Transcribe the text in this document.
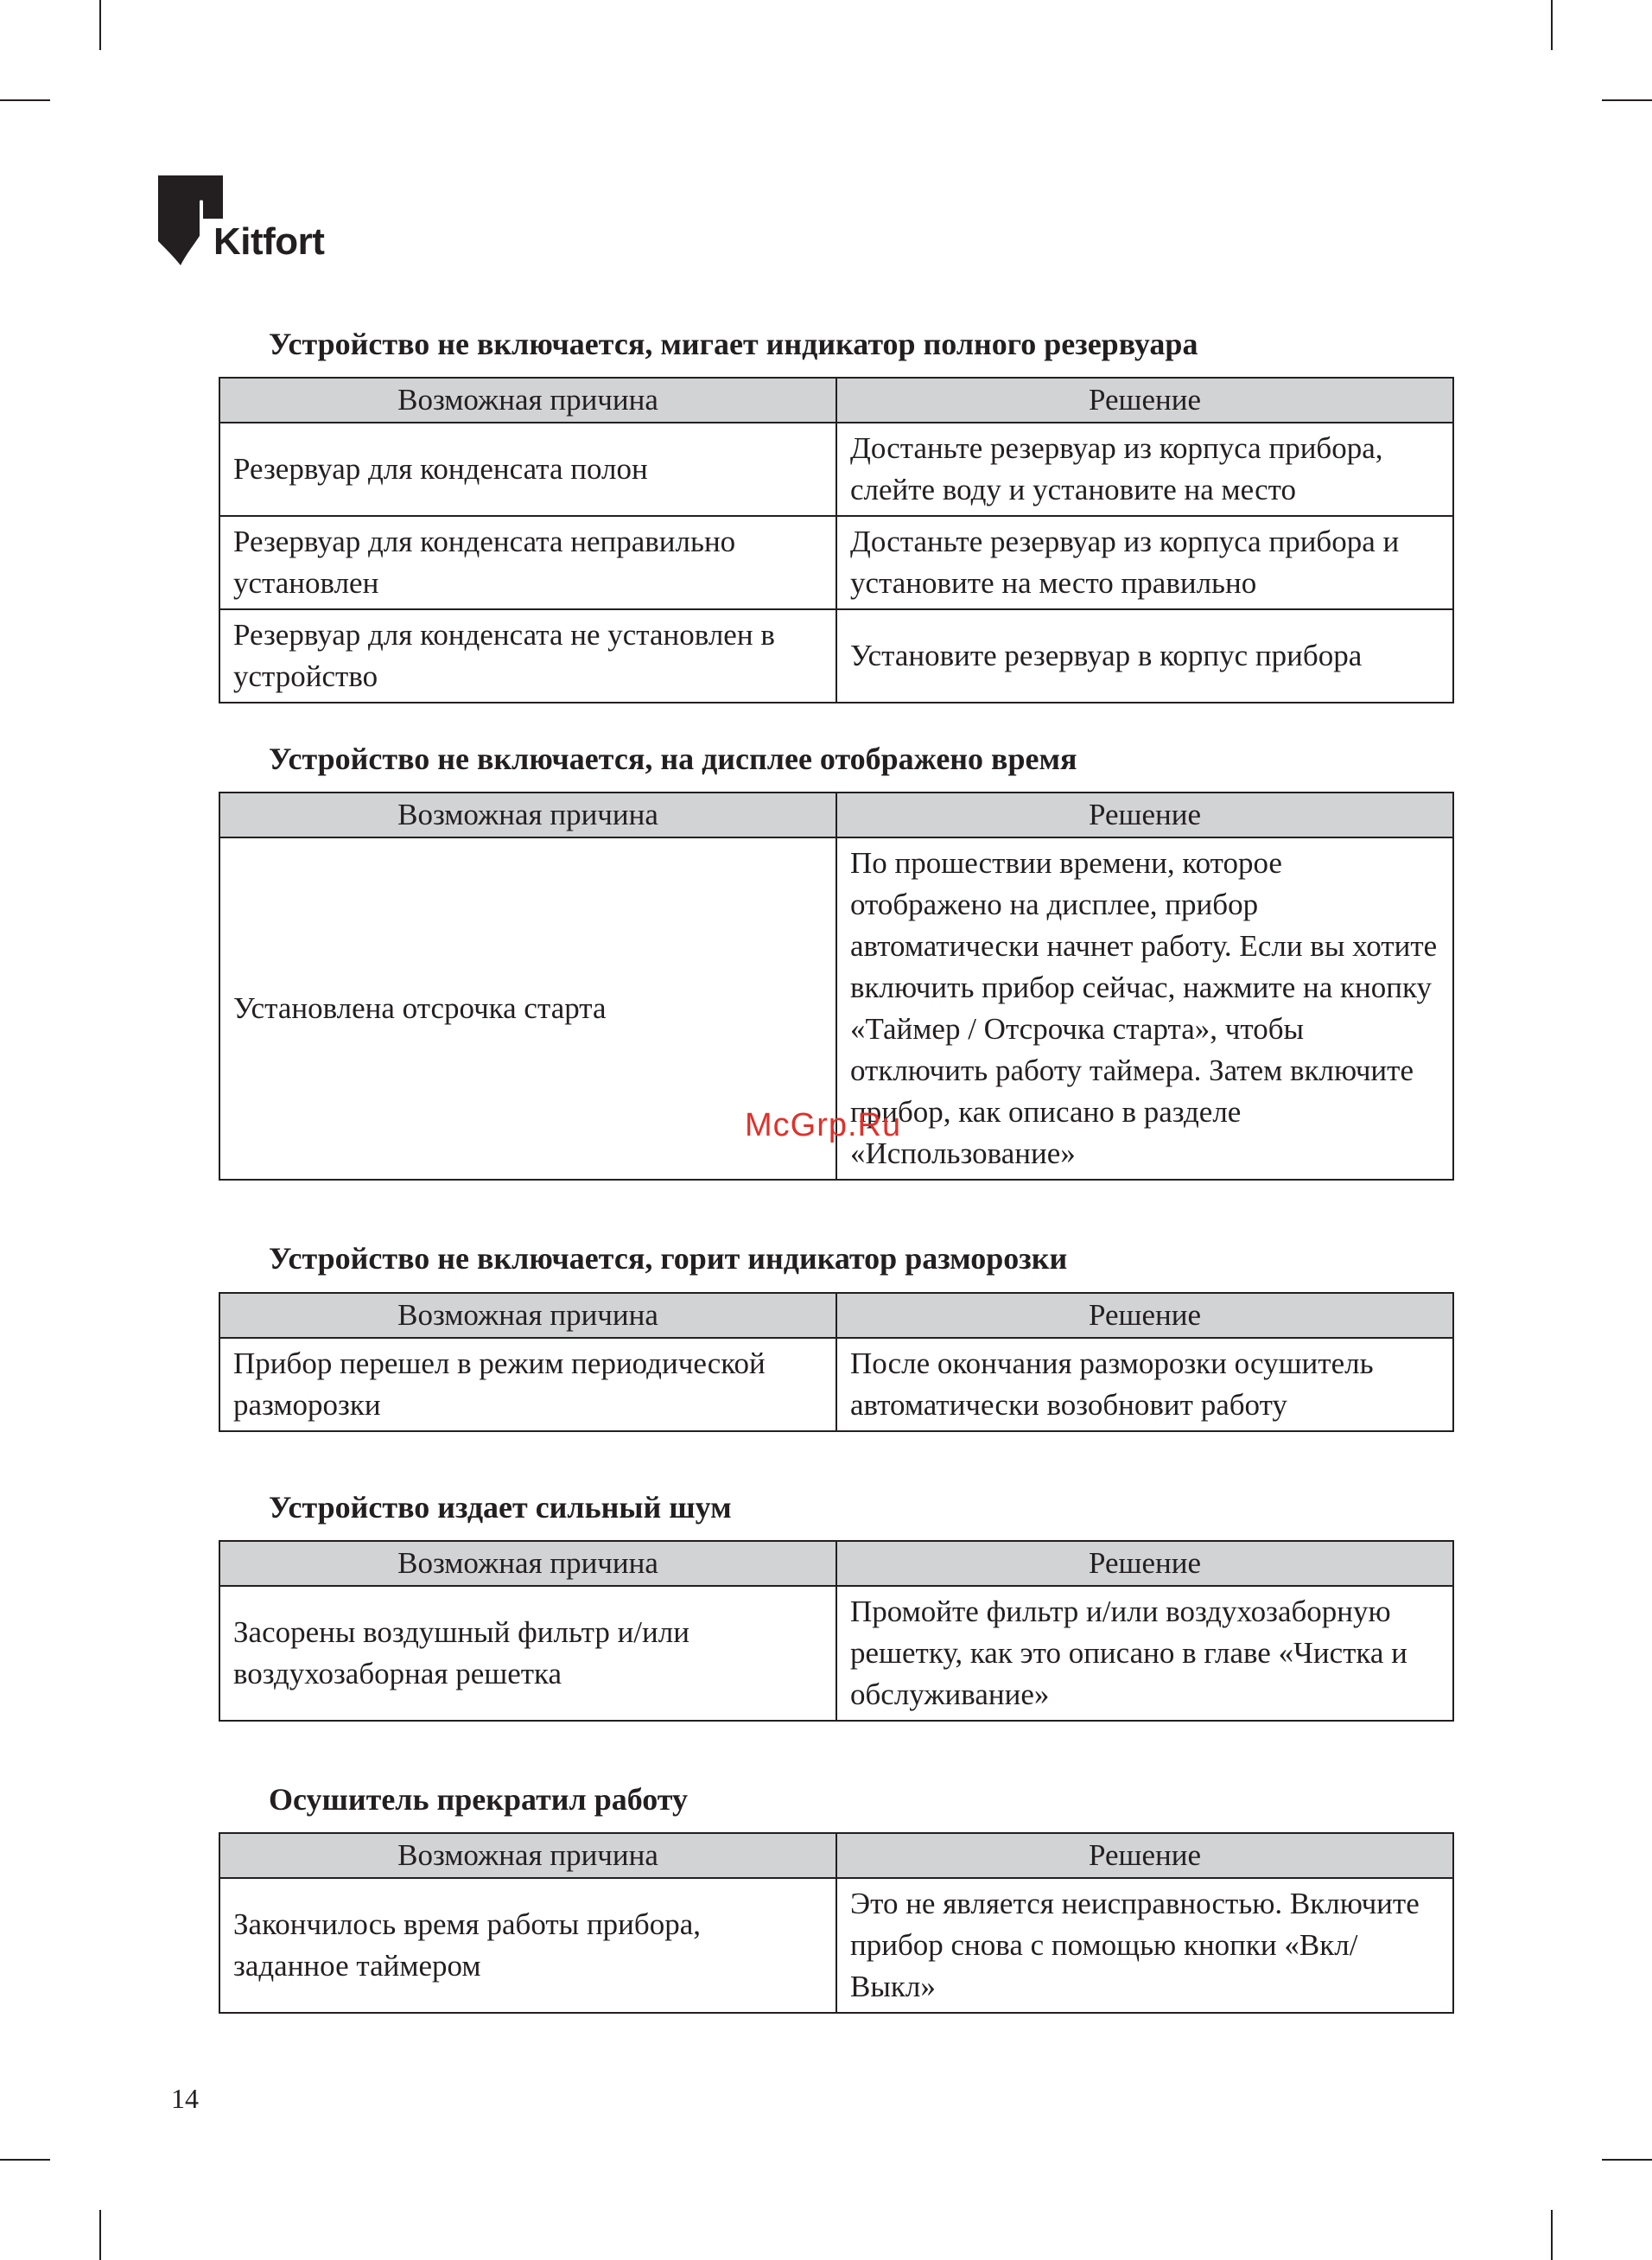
Kitfort
Устройство не включается, мигает индикатор полного резервуара
Возможная причина	Решение
Резервуар для конденсата полон	Достаньте резервуар из корпуса прибора, слейте воду и установите на место
Резервуар для конденсата неправильно установлен	Достаньте резервуар из корпуса прибора и установите на место правильно
Резервуар для конденсата не установлен в устройство	Установите резервуар в корпус прибора
Устройство не включается, на дисплее отображено время
Возможная причина	Решение
Установлена отсрочка старта	По прошествии времени, которое отображено на дисплее, прибор автоматически начнет работу. Если вы хотите включить прибор сейчас, нажмите на кнопку «Таймер / Отсрочка старта», чтобы отключить работу таймера. Затем включите прибор, как описано в разделе «Использование»
Устройство не включается, горит индикатор разморозки
Возможная причина	Решение
Прибор перешел в режим периодической разморозки	После окончания разморозки осушитель автоматически возобновит работу
Устройство издает сильный шум
Возможная причина	Решение
Засорены воздушный фильтр и/или воздухозаборная решетка	Промойте фильтр и/или воздухозаборную решетку, как это описано в главе «Чистка и обслуживание»
Осушитель прекратил работу
Возможная причина	Решение
Закончилось время работы прибора, заданное таймером	Это не является неисправностью. Включите прибор снова с помощью кнопки «Вкл/Выкл»
McGrp.Ru
14
